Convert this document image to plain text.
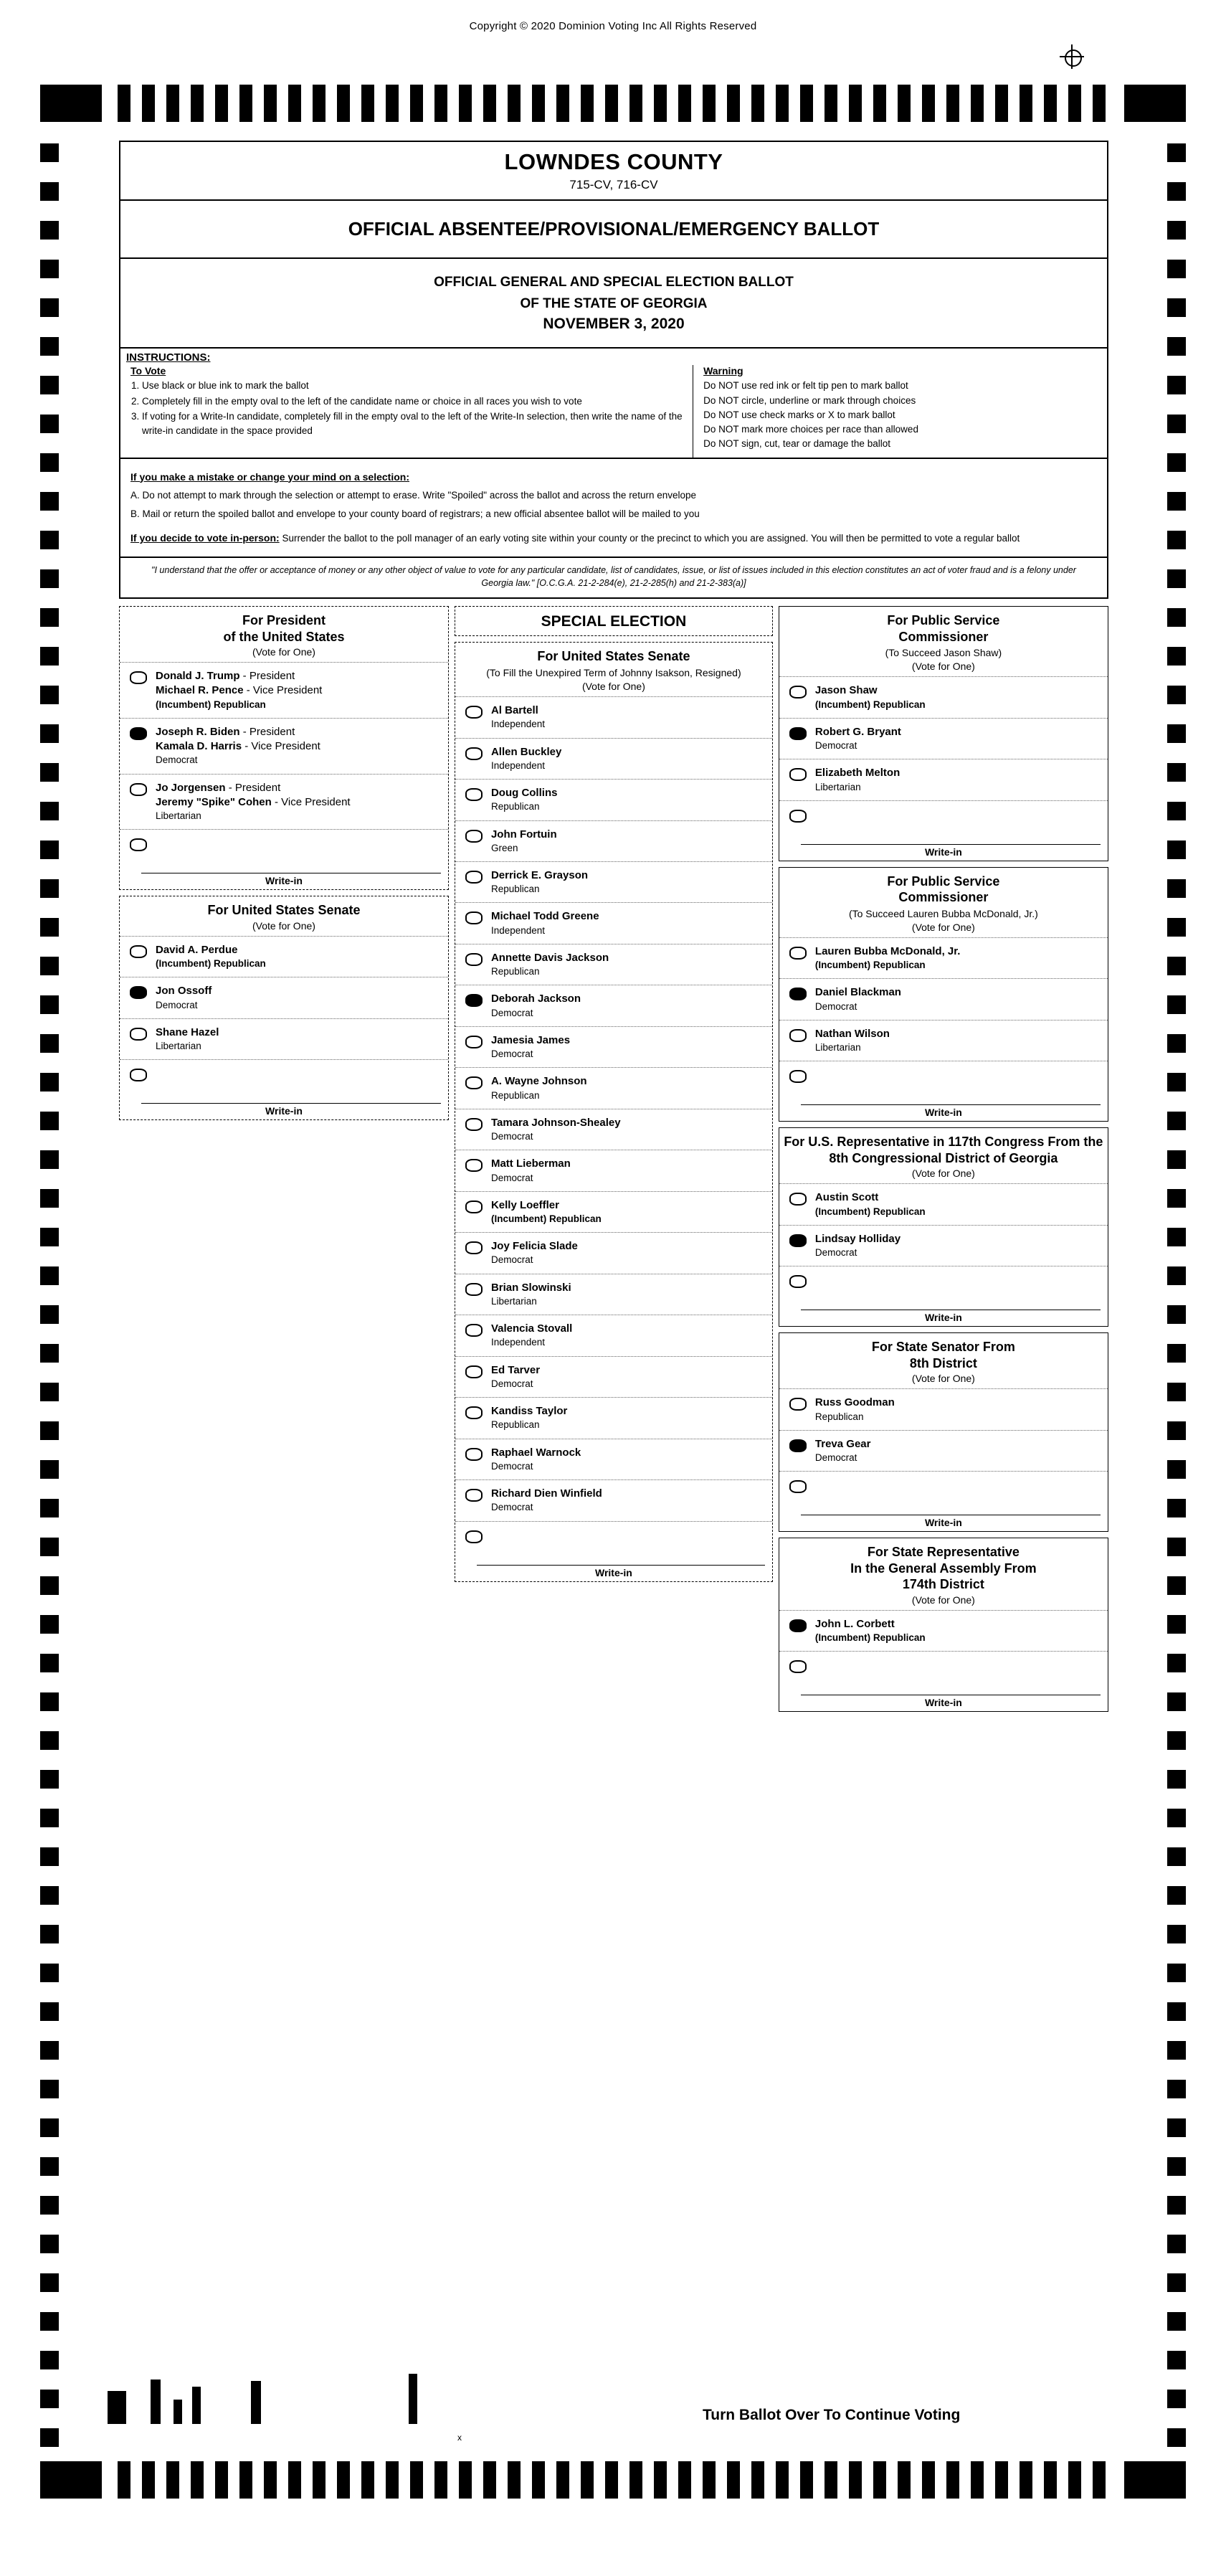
Copyright © 2020 Dominion Voting Inc All Rights Reserved
LOWNDES COUNTY
715-CV, 716-CV
OFFICIAL ABSENTEE/PROVISIONAL/EMERGENCY BALLOT
OFFICIAL GENERAL AND SPECIAL ELECTION BALLOT
OF THE STATE OF GEORGIA
NOVEMBER 3, 2020
INSTRUCTIONS:
To Vote
1. Use black or blue ink to mark the ballot
2. Completely fill in the empty oval to the left of the candidate name or choice in all races you wish to vote
3. If voting for a Write-In candidate, completely fill in the empty oval to the left of the Write-In selection, then write the name of the write-in candidate in the space provided
Warning
Do NOT use red ink or felt tip pen to mark ballot
Do NOT circle, underline or mark through choices
Do NOT use check marks or X to mark ballot
Do NOT mark more choices per race than allowed
Do NOT sign, cut, tear or damage the ballot

If you make a mistake or change your mind on a selection:

A. Do not attempt to mark through the selection or attempt to erase. Write "Spoiled" across the ballot and across the return envelope

B. Mail or return the spoiled ballot and envelope to your county board of registrars; a new official absentee ballot will be mailed to you

If you decide to vote in-person: Surrender the ballot to the poll manager of an early voting site within your county or the precinct to which you are assigned. You will then be permitted to vote a regular ballot

"I understand that the offer or acceptance of money or any other object of value to vote for any particular candidate, list of candidates, issue, or list of issues included in this election constitutes an act of voter fraud and is a felony under Georgia law." [O.C.G.A. 21-2-284(e), 21-2-285(h) and 21-2-383(a)]
For President
of the United States
(Vote for One)
Donald J. Trump - President
Michael R. Pence - Vice President
(Incumbent) Republican
Joseph R. Biden - President
Kamala D. Harris - Vice President
Democrat
Jo Jorgensen - President
Jeremy "Spike" Cohen - Vice President
Libertarian
Write-in
For United States Senate
(Vote for One)
David A. Perdue
(Incumbent) Republican
Jon Ossoff
Democrat
Shane Hazel
Libertarian
Write-in
SPECIAL ELECTION
For United States Senate
(To Fill the Unexpired Term of Johnny Isakson, Resigned)
(Vote for One)
Al Bartell
Independent
Allen Buckley
Independent
Doug Collins
Republican
John Fortuin
Green
Derrick E. Grayson
Republican
Michael Todd Greene
Independent
Annette Davis Jackson
Republican
Deborah Jackson
Democrat
Jamesia James
Democrat
A. Wayne Johnson
Republican
Tamara Johnson-Shealey
Democrat
Matt Lieberman
Democrat
Kelly Loeffler
(Incumbent) Republican
Joy Felicia Slade
Democrat
Brian Slowinski
Libertarian
Valencia Stovall
Independent
Ed Tarver
Democrat
Kandiss Taylor
Republican
Raphael Warnock
Democrat
Richard Dien Winfield
Democrat
Write-in
For Public Service
Commissioner
(To Succeed Jason Shaw)
(Vote for One)
Jason Shaw
(Incumbent) Republican
Robert G. Bryant
Democrat
Elizabeth Melton
Libertarian
Write-in
For Public Service
Commissioner
(To Succeed Lauren Bubba McDonald, Jr.)
(Vote for One)
Lauren Bubba McDonald, Jr.
(Incumbent) Republican
Daniel Blackman
Democrat
Nathan Wilson
Libertarian
Write-in
For U.S. Representative in 117th Congress From the 8th Congressional District of Georgia
(Vote for One)
Austin Scott
(Incumbent) Republican
Lindsay Holliday
Democrat
Write-in
For State Senator From
8th District
(Vote for One)
Russ Goodman
Republican
Treva Gear
Democrat
Write-in
For State Representative
In the General Assembly From
174th District
(Vote for One)
John L. Corbett
(Incumbent) Republican
Write-in
Turn Ballot Over To Continue Voting
+	x
